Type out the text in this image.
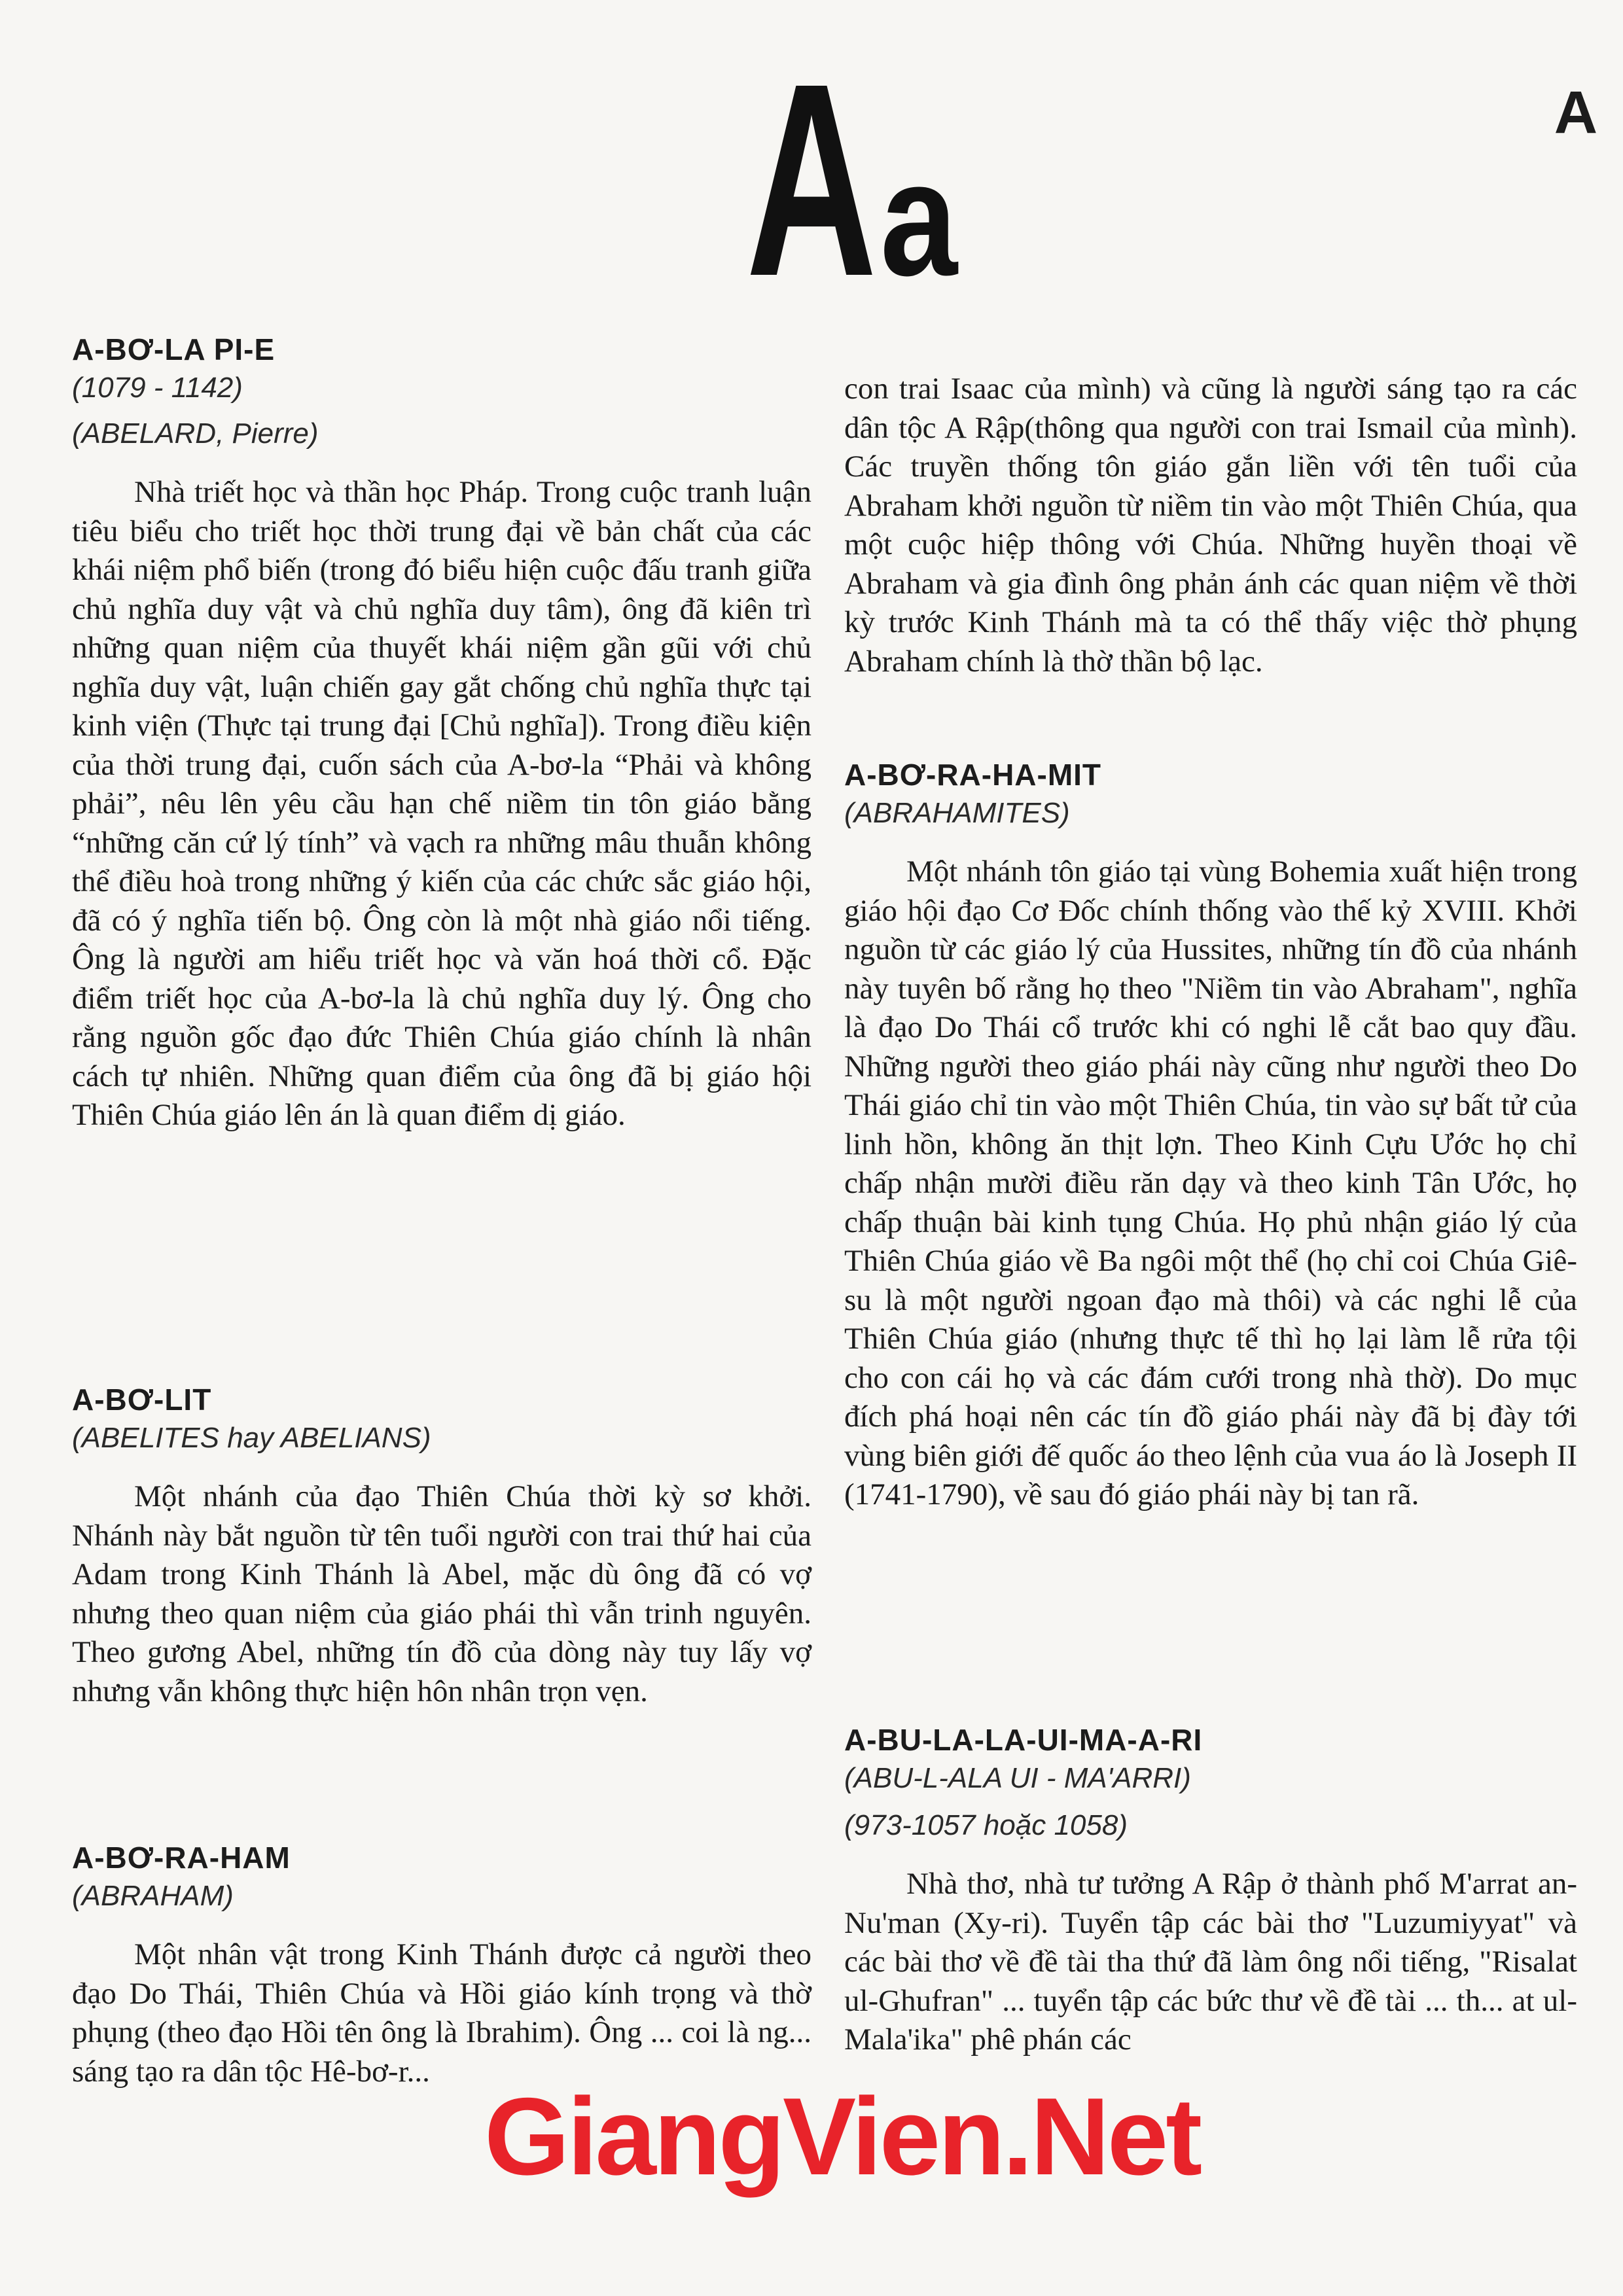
A
A a

A-BƠ-LA PI-E

(1079 - 1142)

(ABELARD, Pierre)

Nhà triết học và thần học Pháp. Trong cuộc tranh luận tiêu biểu cho triết học thời trung đại về bản chất của các khái niệm phổ biến (trong đó biểu hiện cuộc đấu tranh giữa chủ nghĩa duy vật và chủ nghĩa duy tâm), ông đã kiên trì những quan niệm của thuyết khái niệm gần gũi với chủ nghĩa duy vật, luận chiến gay gắt chống chủ nghĩa thực tại kinh viện (Thực tại trung đại [Chủ nghĩa]). Trong điều kiện của thời trung đại, cuốn sách của A-bơ-la “Phải và không phải”, nêu lên yêu cầu hạn chế niềm tin tôn giáo bằng “những căn cứ lý tính” và vạch ra những mâu thuẫn không thể điều hoà trong những ý kiến của các chức sắc giáo hội, đã có ý nghĩa tiến bộ. Ông còn là một nhà giáo nổi tiếng. Ông là người am hiểu triết học và văn hoá thời cổ. Đặc điểm triết học của A-bơ-la là chủ nghĩa duy lý. Ông cho rằng nguồn gốc đạo đức Thiên Chúa giáo chính là nhân cách tự nhiên. Những quan điểm của ông đã bị giáo hội Thiên Chúa giáo lên án là quan điểm dị giáo.

A-BƠ-LIT

(ABELITES hay ABELIANS)

Một nhánh của đạo Thiên Chúa thời kỳ sơ khởi. Nhánh này bắt nguồn từ tên tuổi người con trai thứ hai của Adam trong Kinh Thánh là Abel, mặc dù ông đã có vợ nhưng theo quan niệm của giáo phái thì vẫn trinh nguyên. Theo gương Abel, những tín đồ của dòng này tuy lấy vợ nhưng vẫn không thực hiện hôn nhân trọn vẹn.

A-BƠ-RA-HAM

(ABRAHAM)

Một nhân vật trong Kinh Thánh được cả người theo đạo Do Thái, Thiên Chúa và Hồi giáo kính trọng và thờ phụng (theo đạo Hồi tên ông là Ibrahim). Ông ... coi là ng... sáng tạo ra dân tộc Hê-bơ-r...

con trai Isaac của mình) và cũng là người sáng tạo ra các dân tộc A Rập(thông qua người con trai Ismail của mình). Các truyền thống tôn giáo gắn liền với tên tuổi của Abraham khởi nguồn từ niềm tin vào một Thiên Chúa, qua một cuộc hiệp thông với Chúa. Những huyền thoại về Abraham và gia đình ông phản ánh các quan niệm về thời kỳ trước Kinh Thánh mà ta có thể thấy việc thờ phụng Abraham chính là thờ thần bộ lạc.

A-BƠ-RA-HA-MIT

(ABRAHAMITES)

Một nhánh tôn giáo tại vùng Bohemia xuất hiện trong giáo hội đạo Cơ Đốc chính thống vào thế kỷ XVIII. Khởi nguồn từ các giáo lý của Hussites, những tín đồ của nhánh này tuyên bố rằng họ theo "Niềm tin vào Abraham", nghĩa là đạo Do Thái cổ trước khi có nghi lễ cắt bao quy đầu. Những người theo giáo phái này cũng như người theo Do Thái giáo chỉ tin vào một Thiên Chúa, tin vào sự bất tử của linh hồn, không ăn thịt lợn. Theo Kinh Cựu Ước họ chỉ chấp nhận mười điều răn dạy và theo kinh Tân Ước, họ chấp thuận bài kinh tụng Chúa. Họ phủ nhận giáo lý của Thiên Chúa giáo về Ba ngôi một thể (họ chỉ coi Chúa Giê-su là một người ngoan đạo mà thôi) và các nghi lễ của Thiên Chúa giáo (nhưng thực tế thì họ lại làm lễ rửa tội cho con cái họ và các đám cưới trong nhà thờ). Do mục đích phá hoại nên các tín đồ giáo phái này đã bị đày tới vùng biên giới đế quốc áo theo lệnh của vua áo là Joseph II (1741-1790), về sau đó giáo phái này bị tan rã.

A-BU-LA-LA-UI-MA-A-RI

(ABU-L-ALA UI - MA'ARRI)

(973-1057 hoặc 1058)

Nhà thơ, nhà tư tưởng A Rập ở thành phố M'arrat an-Nu'man (Xy-ri). Tuyển tập các bài thơ "Luzumiyyat" và các bài thơ về đề tài tha thứ đã làm ông nổi tiếng, "Risalat ul-Ghufran" ... tuyển tập các bức thư về đề tài ... th... at ul-Mala'ika" phê phán các

GiangVien.Net
